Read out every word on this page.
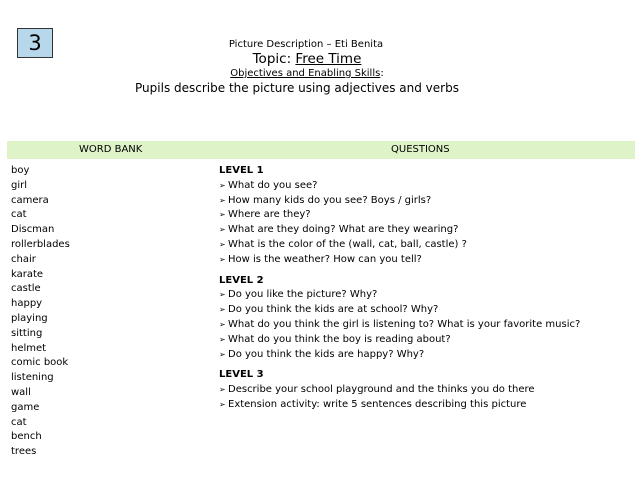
3	Picture Description – Eti Benita
Topic: Free Time
Objectives and Enabling Skills:
Pupils describe the picture using adjectives and verbs
WORD BANK	QUESTIONS
boy
girl
camera
cat
Discman
rollerblades
chair
karate
castle
happy
playing
sitting
helmet
comic book
listening
wall
game
cat
bench
trees
LEVEL 1
➢ What do you see?
➢ How many kids do you see? Boys / girls?
➢ Where are they?
➢ What are they doing? What are they wearing?
➢ What is the color of the (wall, cat, ball, castle) ?
➢ How is the weather? How can you tell?
LEVEL 2
➢ Do you like the picture? Why?
➢ Do you think the kids are at school? Why?
➢ What do you think the girl is listening to? What is your favorite music?
➢ What do you think the boy is reading about?
➢ Do you think the kids are happy? Why?
LEVEL 3
➢ Describe your school playground and the thinks you do there
➢ Extension activity: write 5 sentences describing this picture
